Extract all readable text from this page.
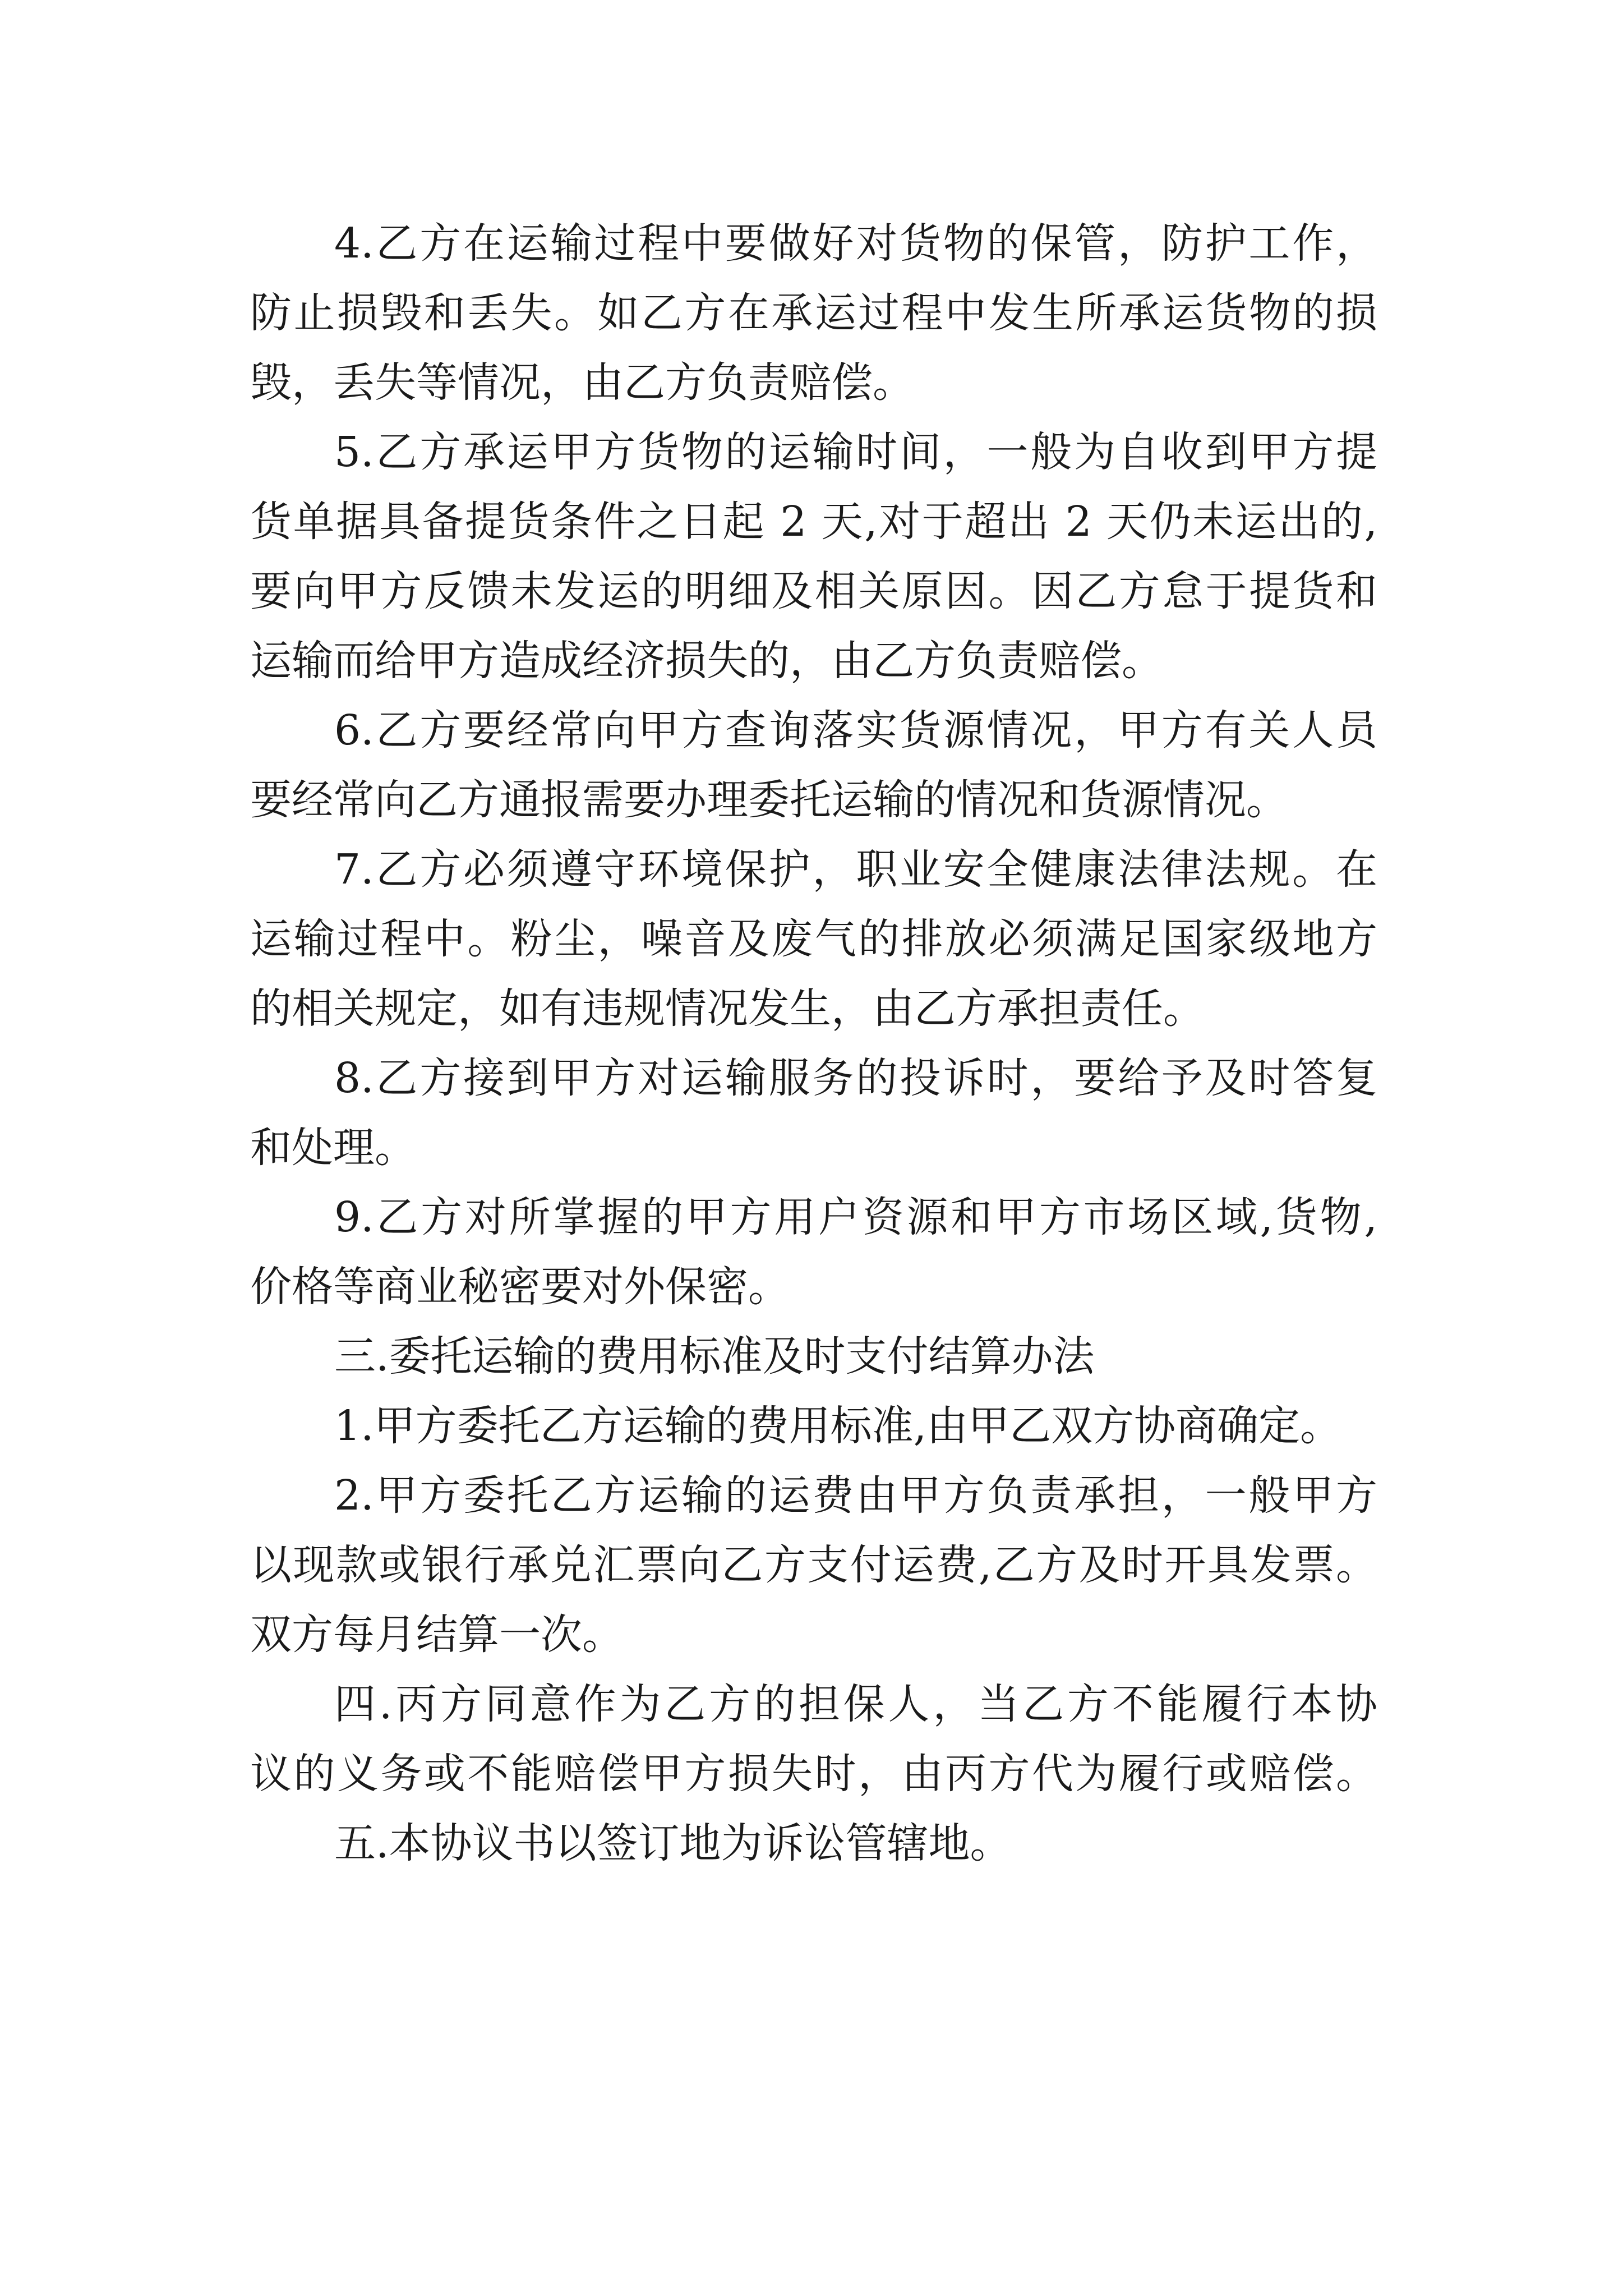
4.乙方在运输过程中要做好对货物的保管，防护工作，
防止损毁和丢失。如乙方在承运过程中发生所承运货物的损
毁，丢失等情况，由乙方负责赔偿。
5.乙方承运甲方货物的运输时间，一般为自收到甲方提
货单据具备提货条件之日起 2 天,对于超出 2 天仍未运出的,
要向甲方反馈未发运的明细及相关原因。因乙方怠于提货和
运输而给甲方造成经济损失的，由乙方负责赔偿。
6.乙方要经常向甲方查询落实货源情况，甲方有关人员
要经常向乙方通报需要办理委托运输的情况和货源情况。
7.乙方必须遵守环境保护，职业安全健康法律法规。在
运输过程中。粉尘，噪音及废气的排放必须满足国家级地方
的相关规定，如有违规情况发生，由乙方承担责任。
8.乙方接到甲方对运输服务的投诉时，要给予及时答复
和处理。
9.乙方对所掌握的甲方用户资源和甲方市场区域,货物,
价格等商业秘密要对外保密。
三.委托运输的费用标准及时支付结算办法
1.甲方委托乙方运输的费用标准,由甲乙双方协商确定。
2.甲方委托乙方运输的运费由甲方负责承担，一般甲方
以现款或银行承兑汇票向乙方支付运费,乙方及时开具发票。
双方每月结算一次。
四.丙方同意作为乙方的担保人，当乙方不能履行本协
议的义务或不能赔偿甲方损失时，由丙方代为履行或赔偿。
五.本协议书以签订地为诉讼管辖地。
